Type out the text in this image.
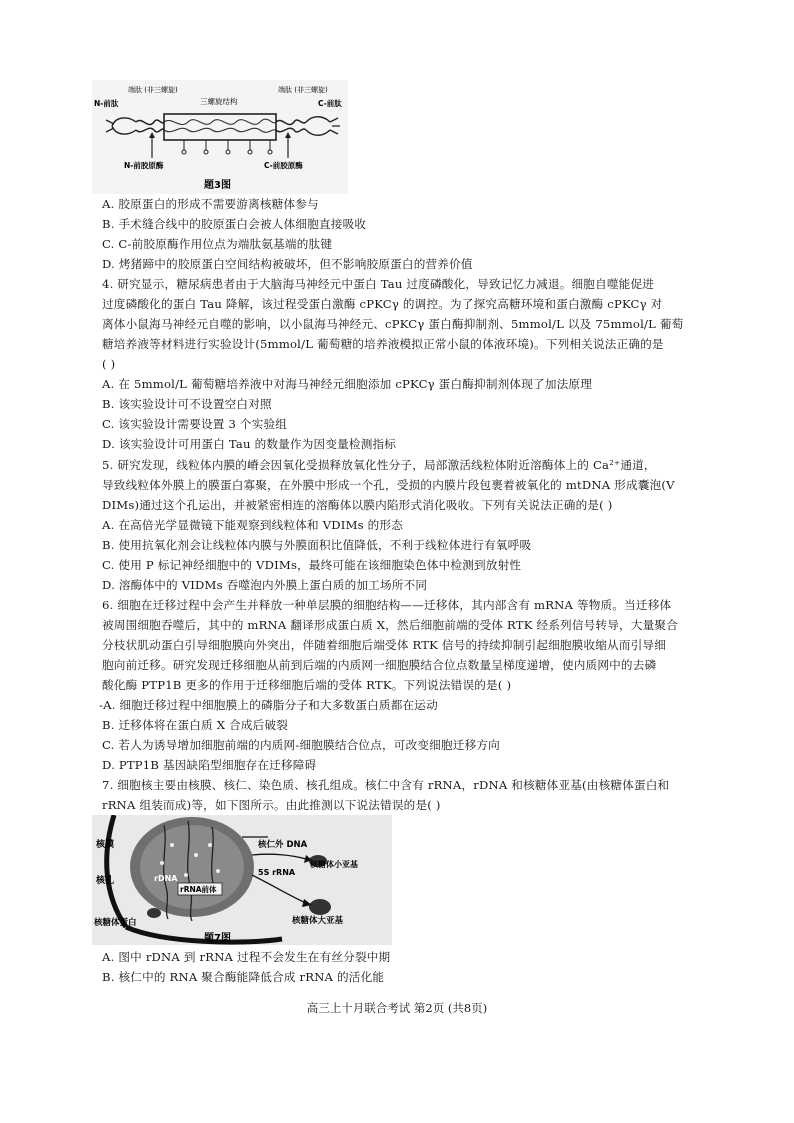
N-前肽	C-前肽
端肽 (非三螺旋)	端肽 (非三螺旋)
三螺旋结构
N-前胶原酶	C-前胶原酶
题3图
A. 胶原蛋白的形成不需要游离核糖体参与
B. 手术缝合线中的胶原蛋白会被人体细胞直接吸收
C. C-前胶原酶作用位点为端肽氨基端的肽键
D. 烤猪蹄中的胶原蛋白空间结构被破坏，但不影响胶原蛋白的营养价值
4. 研究显示，糖尿病患者由于大脑海马神经元中蛋白 Tau 过度磷酸化，导致记忆力减退。细胞自噬能促进
过度磷酸化的蛋白 Tau 降解，该过程受蛋白激酶 cPKCγ 的调控。为了探究高糖环境和蛋白激酶 cPKCγ 对
离体小鼠海马神经元自噬的影响，以小鼠海马神经元、cPKCγ 蛋白酶抑制剂、5mmol/L 以及 75mmol/L 葡萄
糖培养液等材料进行实验设计(5mmol/L 葡萄糖的培养液模拟正常小鼠的体液环境)。下列相关说法正确的是
( )
A. 在 5mmol/L 葡萄糖培养液中对海马神经元细胞添加 cPKCγ 蛋白酶抑制剂体现了加法原理
B. 该实验设计可不设置空白对照
C. 该实验设计需要设置 3 个实验组
D. 该实验设计可用蛋白 Tau 的数量作为因变量检测指标
5. 研究发现，线粒体内膜的嵴会因氧化受损释放氧化性分子，局部激活线粒体附近溶酶体上的 Ca²⁺通道，
导致线粒体外膜上的膜蛋白寡聚，在外膜中形成一个孔，受损的内膜片段包裹着被氧化的 mtDNA 形成囊泡(V
DIMs)通过这个孔运出，并被紧密相连的溶酶体以膜内陷形式消化吸收。下列有关说法正确的是( )
A. 在高倍光学显微镜下能观察到线粒体和 VDIMs 的形态
B. 使用抗氧化剂会让线粒体内膜与外膜面积比值降低，不利于线粒体进行有氧呼吸
C. 使用 P 标记神经细胞中的 VDIMs，最终可能在该细胞染色体中检测到放射性
D. 溶酶体中的 VIDMs 吞噬泡内外膜上蛋白质的加工场所不同
6. 细胞在迁移过程中会产生并释放一种单层膜的细胞结构——迁移体，其内部含有 mRNA 等物质。当迁移体
被周围细胞吞噬后，其中的 mRNA 翻译形成蛋白质 X，然后细胞前端的受体 RTK 经系列信号转导，大量聚合
分枝状肌动蛋白引导细胞膜向外突出，伴随着细胞后端受体 RTK 信号的持续抑制引起细胞膜收缩从而引导细
胞向前迁移。研究发现迁移细胞从前到后端的内质网一细胞膜结合位点数量呈梯度递增，使内质网中的去磷
酸化酶 PTP1B 更多的作用于迁移细胞后端的受体 RTK。下列说法错误的是( )
-A. 细胞迁移过程中细胞膜上的磷脂分子和大多数蛋白质都在运动
B. 迁移体将在蛋白质 X 合成后破裂
C. 若人为诱导增加细胞前端的内质网-细胞膜结合位点，可改变细胞迁移方向
D. PTP1B 基因缺陷型细胞存在迁移障碍
7. 细胞核主要由核膜、核仁、染色质、核孔组成。核仁中含有 rRNA，rDNA 和核糖体亚基(由核糖体蛋白和
rRNA 组装而成)等，如下图所示。由此推测以下说法错误的是( )
核膜
核孔
核糖体蛋白
rDNA
rRNA前体
核仁外 DNA
5S rRNA
核糖体小亚基
核糖体大亚基
题7图
A. 图中 rDNA 到 rRNA 过程不会发生在有丝分裂中期
B. 核仁中的 RNA 聚合酶能降低合成 rRNA 的活化能
高三上十月联合考试 第2页 (共8页)
